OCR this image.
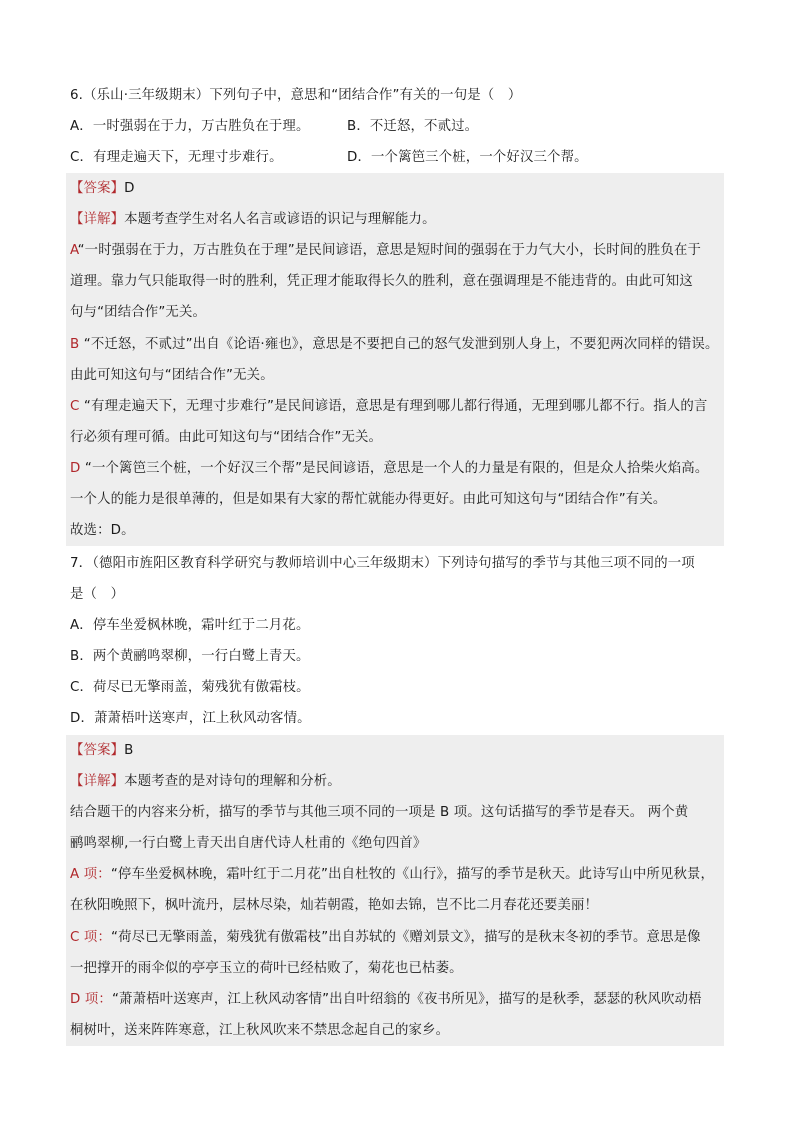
6.（乐山·三年级期末）下列句子中，意思和“团结合作”有关的一句是（　）
A．一时强弱在于力，万古胜负在于理。	B．不迁怒，不贰过。
C．有理走遍天下，无理寸步难行。	D．一个篱笆三个桩，一个好汉三个帮。
【答案】D
【详解】本题考查学生对名人名言或谚语的识记与理解能力。
A“一时强弱在于力，万古胜负在于理”是民间谚语，意思是短时间的强弱在于力气大小，长时间的胜负在于
道理。靠力气只能取得一时的胜利，凭正理才能取得长久的胜利，意在强调理是不能违背的。由此可知这
句与“团结合作”无关。
B “不迁怒，不贰过”出自《论语·雍也》，意思是不要把自己的怒气发泄到别人身上，不要犯两次同样的错误。
由此可知这句与“团结合作”无关。
C “有理走遍天下，无理寸步难行”是民间谚语，意思是有理到哪儿都行得通，无理到哪儿都不行。指人的言
行必须有理可循。由此可知这句与“团结合作”无关。
D “一个篱笆三个桩，一个好汉三个帮”是民间谚语，意思是一个人的力量是有限的，但是众人拾柴火焰高。
一个人的能力是很单薄的，但是如果有大家的帮忙就能办得更好。由此可知这句与“团结合作”有关。
故选：D。
7．（德阳市旌阳区教育科学研究与教师培训中心三年级期末）下列诗句描写的季节与其他三项不同的一项
是（　）
A．停车坐爱枫林晚，霜叶红于二月花。
B．两个黄鹂鸣翠柳，一行白鹭上青天。
C．荷尽已无擎雨盖，菊残犹有傲霜枝。
D．萧萧梧叶送寒声，江上秋风动客情。
【答案】B
【详解】本题考查的是对诗句的理解和分析。
结合题干的内容来分析，描写的季节与其他三项不同的一项是 B 项。这句话描写的季节是春天。 两个黄
鹂鸣翠柳,一行白鹭上青天出自唐代诗人杜甫的《绝句四首》
A 项：“停车坐爱枫林晚，霜叶红于二月花”出自杜牧的《山行》，描写的季节是秋天。此诗写山中所见秋景，
在秋阳晚照下，枫叶流丹，层林尽染，灿若朝霞，艳如去锦，岂不比二月春花还要美丽！
C 项：“荷尽已无擎雨盖，菊残犹有傲霜枝”出自苏轼的《赠刘景文》，描写的是秋末冬初的季节。意思是像
一把撑开的雨伞似的亭亭玉立的荷叶已经枯败了，菊花也已枯萎。
D 项：“萧萧梧叶送寒声，江上秋风动客情”出自叶绍翁的《夜书所见》，描写的是秋季，瑟瑟的秋风吹动梧
桐树叶，送来阵阵寒意，江上秋风吹来不禁思念起自己的家乡。
